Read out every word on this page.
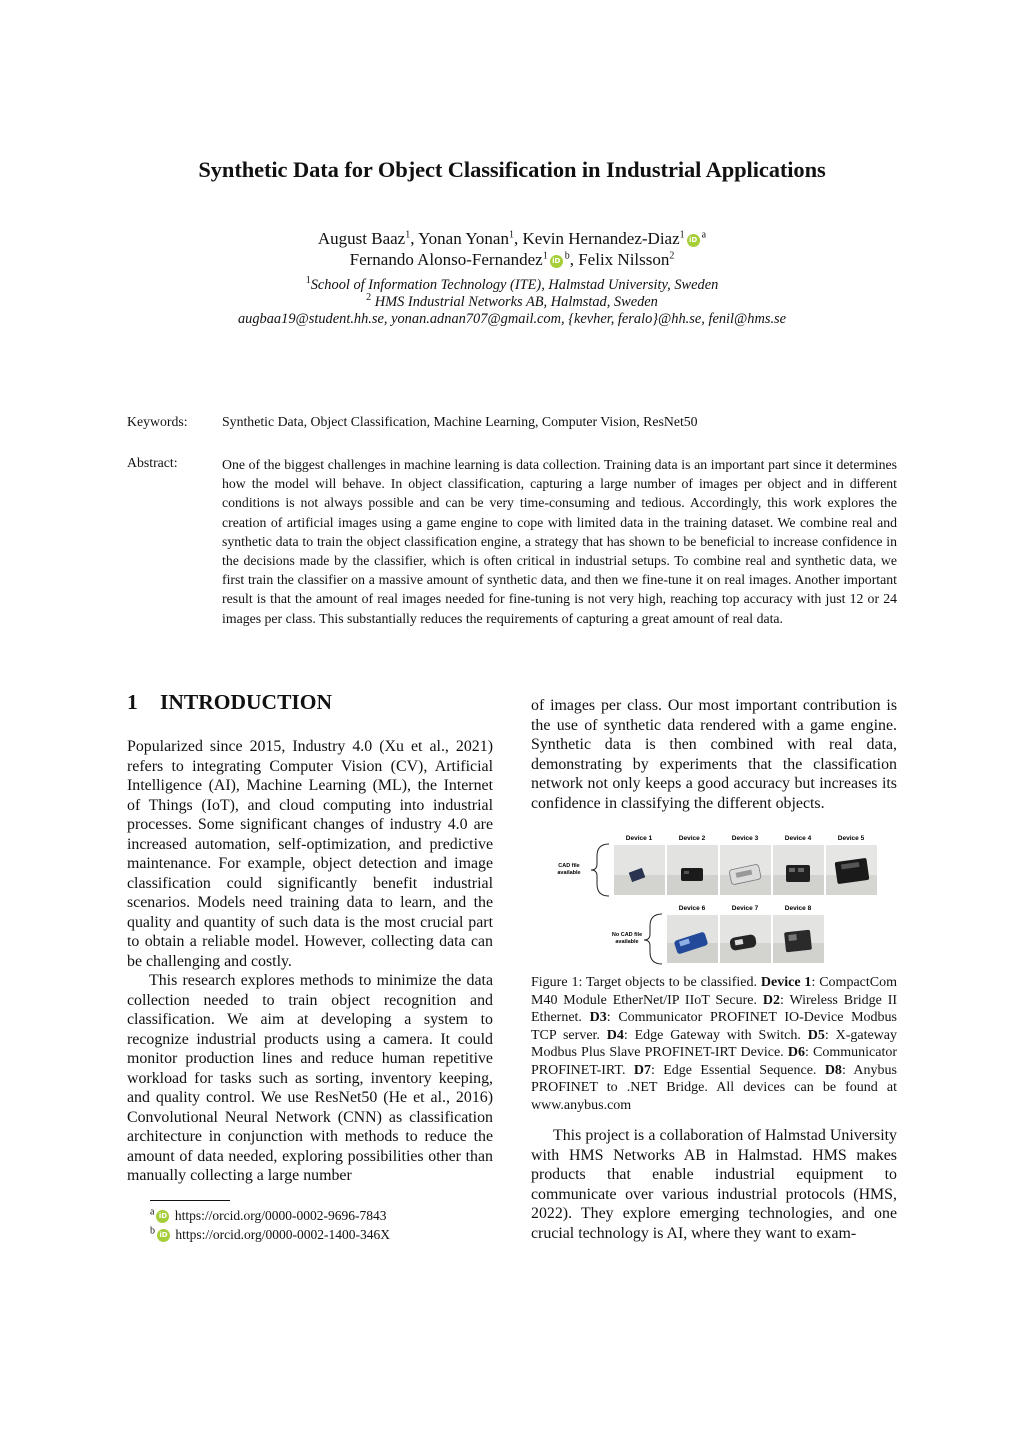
Synthetic Data for Object Classification in Industrial Applications
August Baaz$^1$, Yonan Yonan$^1$, Kevin Hernandez-Diaz$^1$ iD $^a$
Fernando Alonso-Fernandez$^1$ iD $^b$, Felix Nilsson$^2$
$^1$School of Information Technology (ITE), Halmstad University, Sweden
$^2$ HMS Industrial Networks AB, Halmstad, Sweden
augbaa19@student.hh.se, yonan.adnan707@gmail.com, {kevher, feralo}@hh.se, fenil@hms.se
Keywords: Synthetic Data, Object Classification, Machine Learning, Computer Vision, ResNet50
Abstract:	One of the biggest challenges in machine learning is data collection. Training data is an important part since it determines how the model will behave. In object classification, capturing a large number of images per object and in different conditions is not always possible and can be very time-consuming and tedious. Accordingly, this work explores the creation of artificial images using a game engine to cope with limited data in the training dataset. We combine real and synthetic data to train the object classification engine, a strategy that has shown to be beneficial to increase confidence in the decisions made by the classifier, which is often critical in industrial setups. To combine real and synthetic data, we first train the classifier on a massive amount of synthetic data, and then we fine-tune it on real images. Another important result is that the amount of real images needed for fine-tuning is not very high, reaching top accuracy with just 12 or 24 images per class. This substantially reduces the requirements of capturing a great amount of real data.
1 INTRODUCTION

Popularized since 2015, Industry 4.0 (Xu et al., 2021) refers to integrating Computer Vision (CV), Artificial Intelligence (AI), Machine Learning (ML), the Internet of Things (IoT), and cloud computing into industrial processes. Some significant changes of industry 4.0 are increased automation, self-optimization, and predictive maintenance. For example, object detection and image classification could significantly benefit industrial scenarios. Models need training data to learn, and the quality and quantity of such data is the most crucial part to obtain a reliable model. However, collecting data can be challenging and costly.

This research explores methods to minimize the data collection needed to train object recognition and classification. We aim at developing a system to recognize industrial products using a camera. It could monitor production lines and reduce human repetitive workload for tasks such as sorting, inventory keeping, and quality control. We use ResNet50 (He et al., 2016) Convolutional Neural Network (CNN) as classification architecture in conjunction with methods to reduce the amount of data needed, exploring possibilities other than manually collecting a large number

$^a$ iD https://orcid.org/0000-0002-9696-7843
$^b$ iD https://orcid.org/0000-0002-1400-346X

of images per class. Our most important contribution is the use of synthetic data rendered with a game engine. Synthetic data is then combined with real data, demonstrating by experiments that the classification network not only keeps a good accuracy but increases its confidence in classifying the different objects.

Device 1	Device 2	Device 3	Device 4	Device 5
CAD file
available
Device 6	Device 7	Device 8
No CAD file
available
Figure 1: Target objects to be classified. Device 1: CompactCom M40 Module EtherNet/IP IIoT Secure. D2: Wireless Bridge II Ethernet. D3: Communicator PROFINET IO-Device Modbus TCP server. D4: Edge Gateway with Switch. D5: X-gateway Modbus Plus Slave PROFINET-IRT Device. D6: Communicator PROFINET-IRT. D7: Edge Essential Sequence. D8: Anybus PROFINET to .NET Bridge. All devices can be found at www.anybus.com

This project is a collaboration of Halmstad University with HMS Networks AB in Halmstad. HMS makes products that enable industrial equipment to communicate over various industrial protocols (HMS, 2022). They explore emerging technologies, and one crucial technology is AI, where they want to exam-
